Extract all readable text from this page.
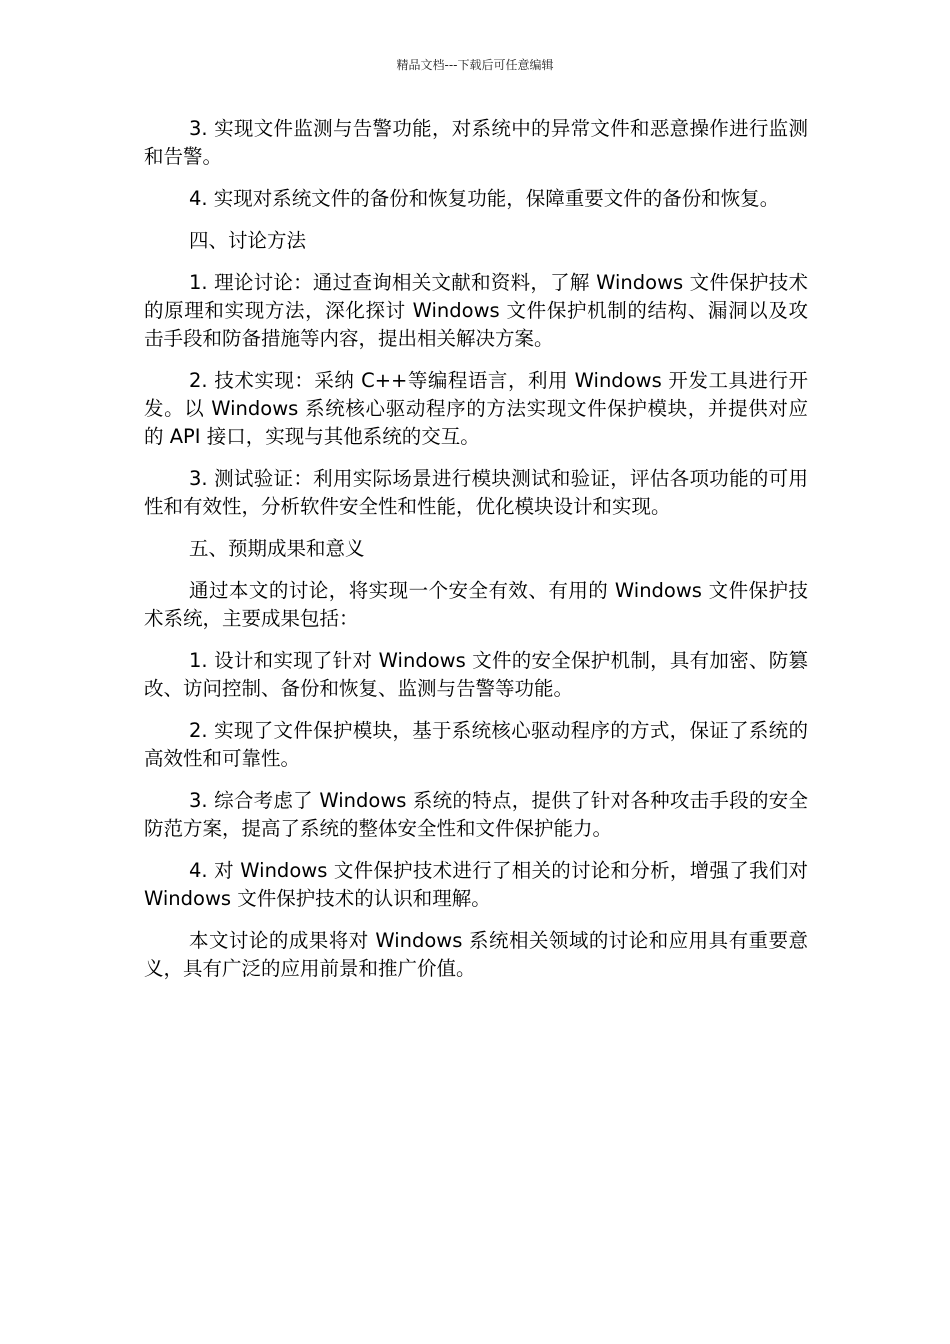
精品文档---下载后可任意编辑

3. 实现文件监测与告警功能，对系统中的异常文件和恶意操作进行监测和告警。

4. 实现对系统文件的备份和恢复功能，保障重要文件的备份和恢复。

四、讨论方法

1. 理论讨论：通过查询相关文献和资料，了解 Windows 文件保护技术的原理和实现方法，深化探讨 Windows 文件保护机制的结构、漏洞以及攻击手段和防备措施等内容，提出相关解决方案。

2. 技术实现：采纳 C++等编程语言，利用 Windows 开发工具进行开发。以 Windows 系统核心驱动程序的方法实现文件保护模块，并提供对应的 API 接口，实现与其他系统的交互。

3. 测试验证：利用实际场景进行模块测试和验证，评估各项功能的可用性和有效性，分析软件安全性和性能，优化模块设计和实现。

五、预期成果和意义

通过本文的讨论，将实现一个安全有效、有用的 Windows 文件保护技术系统，主要成果包括：

1. 设计和实现了针对 Windows 文件的安全保护机制，具有加密、防篡改、访问控制、备份和恢复、监测与告警等功能。

2. 实现了文件保护模块，基于系统核心驱动程序的方式，保证了系统的高效性和可靠性。

3. 综合考虑了 Windows 系统的特点，提供了针对各种攻击手段的安全防范方案，提高了系统的整体安全性和文件保护能力。

4. 对 Windows 文件保护技术进行了相关的讨论和分析，增强了我们对 Windows 文件保护技术的认识和理解。

本文讨论的成果将对 Windows 系统相关领域的讨论和应用具有重要意义，具有广泛的应用前景和推广价值。
